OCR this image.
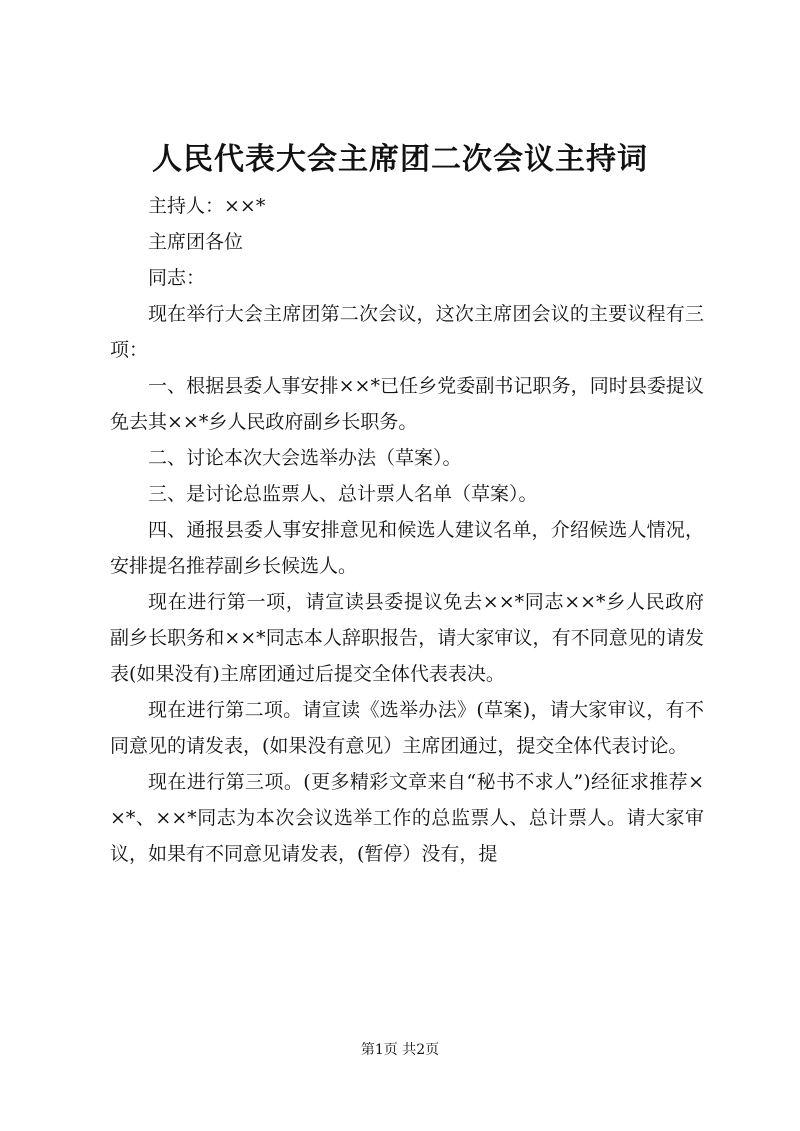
人民代表大会主席团二次会议主持词

主持人：××*

主席团各位

同志：

现在举行大会主席团第二次会议，这次主席团会议的主要议程有三项：

一、根据县委人事安排××*已任乡党委副书记职务，同时县委提议免去其××*乡人民政府副乡长职务。

二、讨论本次大会选举办法（草案）。

三、是讨论总监票人、总计票人名单（草案）。

四、通报县委人事安排意见和候选人建议名单，介绍候选人情况，安排提名推荐副乡长候选人。

现在进行第一项，请宣读县委提议免去××*同志××*乡人民政府副乡长职务和××*同志本人辞职报告，请大家审议，有不同意见的请发表(如果没有)主席团通过后提交全体代表表决。

现在进行第二项。请宣读《选举办法》(草案)，请大家审议，有不同意见的请发表，(如果没有意见）主席团通过，提交全体代表讨论。

现在进行第三项。(更多精彩文章来自“秘书不求人”)经征求推荐××*、××*同志为本次会议选举工作的总监票人、总计票人。请大家审议，如果有不同意见请发表，(暂停）没有，提

第1页 共2页
